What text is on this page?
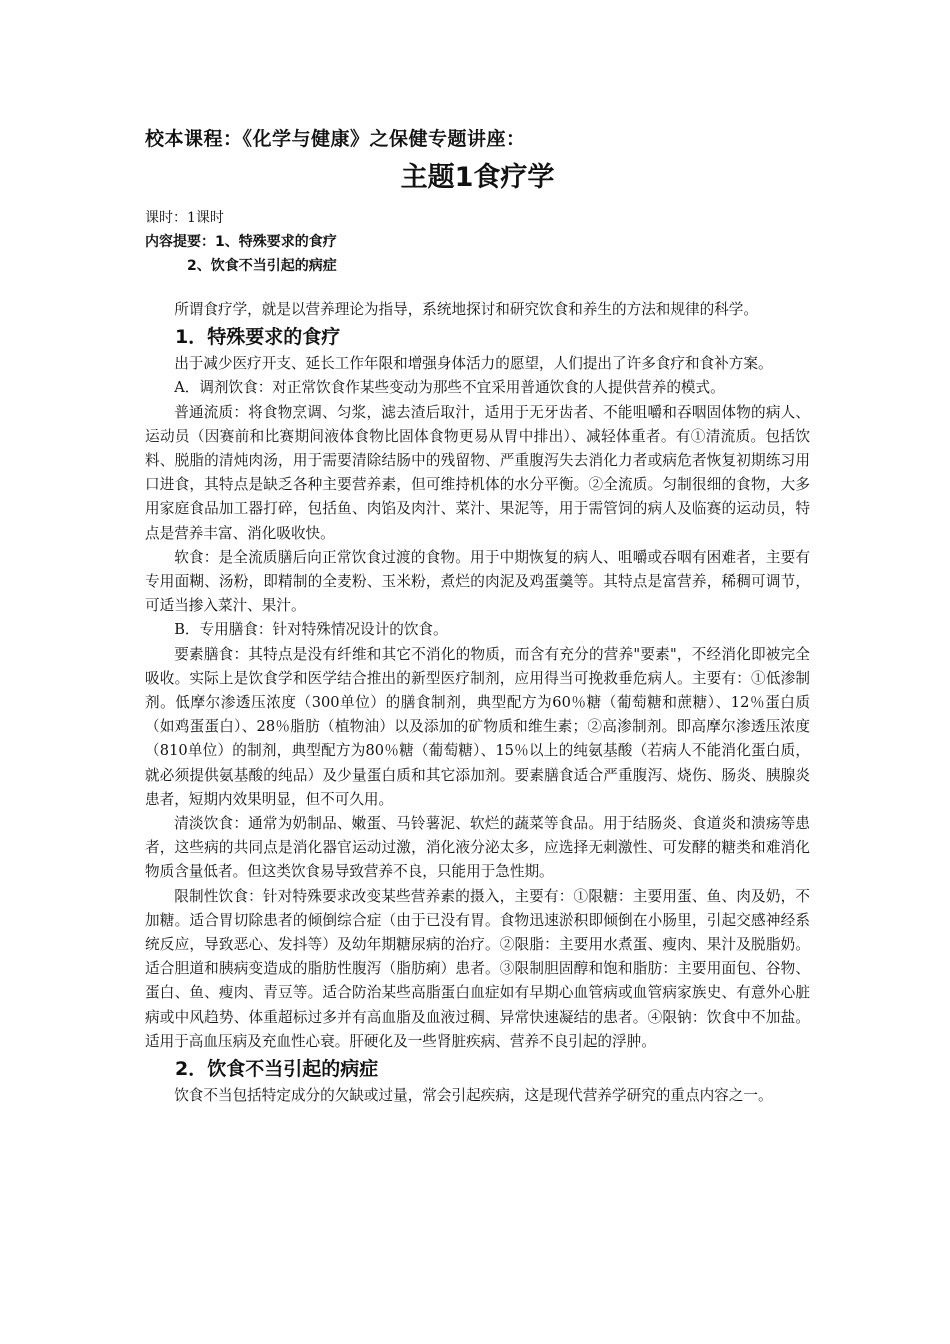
校本课程：《化学与健康》之保健专题讲座：

主题1食疗学

课时：1课时

内容提要：1、特殊要求的食疗

2、饮食不当引起的病症

所谓食疗学，就是以营养理论为指导，系统地探讨和研究饮食和养生的方法和规律的科学。

1．特殊要求的食疗

出于减少医疗开支、延长工作年限和增强身体活力的愿望，人们提出了许多食疗和食补方案。

A．调剂饮食：对正常饮食作某些变动为那些不宜采用普通饮食的人提供营养的模式。

普通流质：将食物烹调、匀浆，滤去渣后取汁，适用于无牙齿者、不能咀嚼和吞咽固体物的病人、运动员（因赛前和比赛期间液体食物比固体食物更易从胃中排出）、减轻体重者。有①清流质。包括饮料、脱脂的清炖肉汤，用于需要清除结肠中的残留物、严重腹泻失去消化力者或病危者恢复初期练习用口进食，其特点是缺乏各种主要营养素，但可维持机体的水分平衡。②全流质。匀制很细的食物，大多用家庭食品加工器打碎，包括鱼、肉馅及肉汁、菜汁、果泥等，用于需管饲的病人及临赛的运动员，特点是营养丰富、消化吸收快。

软食：是全流质膳后向正常饮食过渡的食物。用于中期恢复的病人、咀嚼或吞咽有困难者，主要有专用面糊、汤粉，即精制的全麦粉、玉米粉，煮烂的肉泥及鸡蛋羹等。其特点是富营养，稀稠可调节，可适当掺入菜汁、果汁。

B．专用膳食：针对特殊情况设计的饮食。

要素膳食：其特点是没有纤维和其它不消化的物质，而含有充分的营养"要素"，不经消化即被完全吸收。实际上是饮食学和医学结合推出的新型医疗制剂，应用得当可挽救垂危病人。主要有：①低渗制剂。低摩尔渗透压浓度（300单位）的膳食制剂，典型配方为60％糖（葡萄糖和蔗糖）、12％蛋白质（如鸡蛋蛋白）、28％脂肪（植物油）以及添加的矿物质和维生素；②高渗制剂。即高摩尔渗透压浓度（810单位）的制剂，典型配方为80％糖（葡萄糖）、15％以上的纯氨基酸（若病人不能消化蛋白质，就必须提供氨基酸的纯品）及少量蛋白质和其它添加剂。要素膳食适合严重腹泻、烧伤、肠炎、胰腺炎患者，短期内效果明显，但不可久用。

清淡饮食：通常为奶制品、嫩蛋、马铃薯泥、软烂的蔬菜等食品。用于结肠炎、食道炎和溃疡等患者，这些病的共同点是消化器官运动过激，消化液分泌太多，应选择无刺激性、可发酵的糖类和难消化物质含量低者。但这类饮食易导致营养不良，只能用于急性期。

限制性饮食：针对特殊要求改变某些营养素的摄入，主要有：①限糖：主要用蛋、鱼、肉及奶，不加糖。适合胃切除患者的倾倒综合症（由于已没有胃。食物迅速淤积即倾倒在小肠里，引起交感神经系统反应，导致恶心、发抖等）及幼年期糖尿病的治疗。②限脂：主要用水煮蛋、瘦肉、果汁及脱脂奶。适合胆道和胰病变造成的脂肪性腹泻（脂肪痢）患者。③限制胆固醇和饱和脂肪：主要用面包、谷物、蛋白、鱼、瘦肉、青豆等。适合防治某些高脂蛋白血症如有早期心血管病或血管病家族史、有意外心脏病或中风趋势、体重超标过多并有高血脂及血液过稠、异常快速凝结的患者。④限钠：饮食中不加盐。适用于高血压病及充血性心衰。肝硬化及一些肾脏疾病、营养不良引起的浮肿。

2．饮食不当引起的病症

饮食不当包括特定成分的欠缺或过量，常会引起疾病，这是现代营养学研究的重点内容之一。
